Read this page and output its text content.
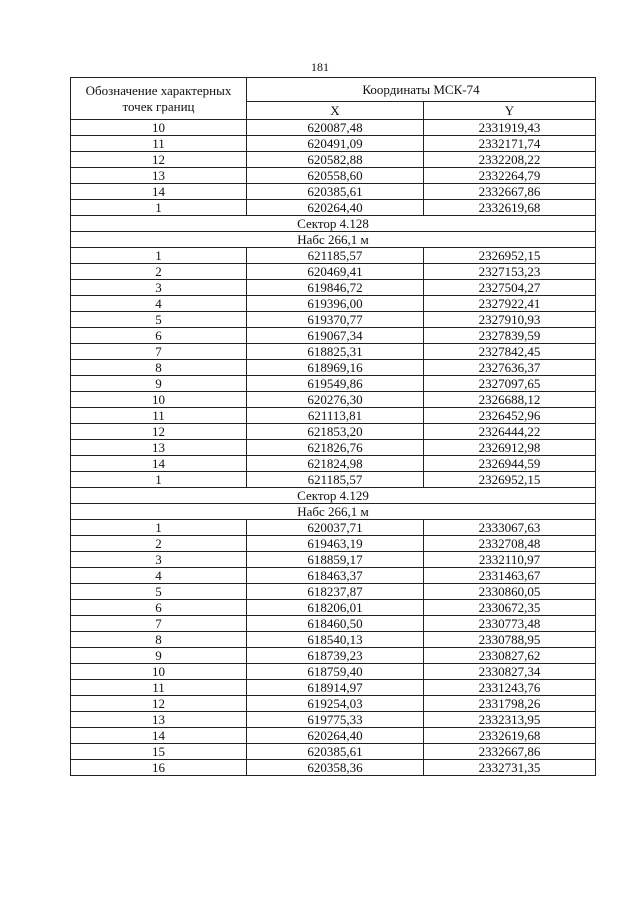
181
Обозначение характерных
точек границ	Координаты МСК-74	
	X	Y
10	620087,48	2331919,43
11	620491,09	2332171,74
12	620582,88	2332208,22
13	620558,60	2332264,79
14	620385,61	2332667,86
1	620264,40	2332619,68
Сектор 4.128		
Набс 266,1 м		
1	621185,57	2326952,15
2	620469,41	2327153,23
3	619846,72	2327504,27
4	619396,00	2327922,41
5	619370,77	2327910,93
6	619067,34	2327839,59
7	618825,31	2327842,45
8	618969,16	2327636,37
9	619549,86	2327097,65
10	620276,30	2326688,12
11	621113,81	2326452,96
12	621853,20	2326444,22
13	621826,76	2326912,98
14	621824,98	2326944,59
1	621185,57	2326952,15
Сектор 4.129		
Набс 266,1 м		
1	620037,71	2333067,63
2	619463,19	2332708,48
3	618859,17	2332110,97
4	618463,37	2331463,67
5	618237,87	2330860,05
6	618206,01	2330672,35
7	618460,50	2330773,48
8	618540,13	2330788,95
9	618739,23	2330827,62
10	618759,40	2330827,34
11	618914,97	2331243,76
12	619254,03	2331798,26
13	619775,33	2332313,95
14	620264,40	2332619,68
15	620385,61	2332667,86
16	620358,36	2332731,35
